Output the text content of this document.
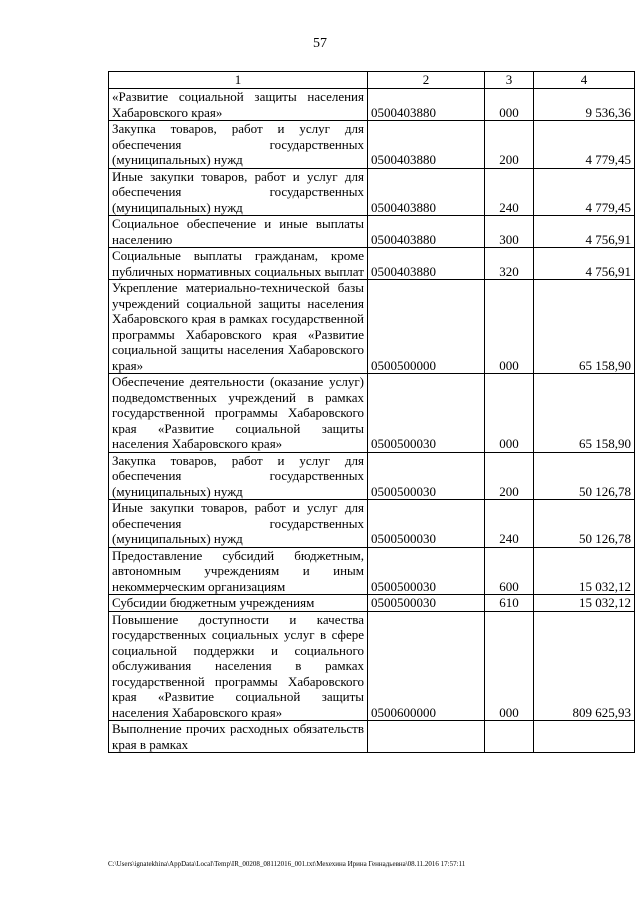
57
1	2	3	4
«Развитие социальной защиты населения Хабаровского края»	0500403880	000	9 536,36
Закупка товаров, работ и услуг для обеспечения государственных (муниципальных) нужд	0500403880	200	4 779,45
Иные закупки товаров, работ и услуг для обеспечения государственных (муниципальных) нужд	0500403880	240	4 779,45
Социальное обеспечение и иные выплаты населению	0500403880	300	4 756,91
Социальные выплаты гражданам, кроме публичных нормативных социальных выплат	0500403880	320	4 756,91
Укрепление материально-технической базы учреждений социальной защиты населения Хабаровского края в рамках государственной программы Хабаровского края «Развитие социальной защиты населения Хабаровского края»	0500500000	000	65 158,90
Обеспечение деятельности (оказание услуг) подведомственных учреждений в рамках государственной программы Хабаровского края «Развитие социальной защиты населения Хабаровского края»	0500500030	000	65 158,90
Закупка товаров, работ и услуг для обеспечения государственных (муниципальных) нужд	0500500030	200	50 126,78
Иные закупки товаров, работ и услуг для обеспечения государственных (муниципальных) нужд	0500500030	240	50 126,78
Предоставление субсидий бюджетным, автономным учреждениям и иным некоммерческим организациям	0500500030	600	15 032,12
Субсидии бюджетным учреждениям	0500500030	610	15 032,12
Повышение доступности и качества государственных социальных услуг в сфере социальной поддержки и социального обслуживания населения в рамках государственной программы Хабаровского края «Развитие социальной защиты населения Хабаровского края»	0500600000	000	809 625,93
Выполнение прочих расходных обязательств края в рамках			
C:\Users\ignatekhina\AppData\Local\Temp\IR_00208_08112016_001.txt\Мехехина Ирина Геннадьевна\08.11.2016 17:57:11
